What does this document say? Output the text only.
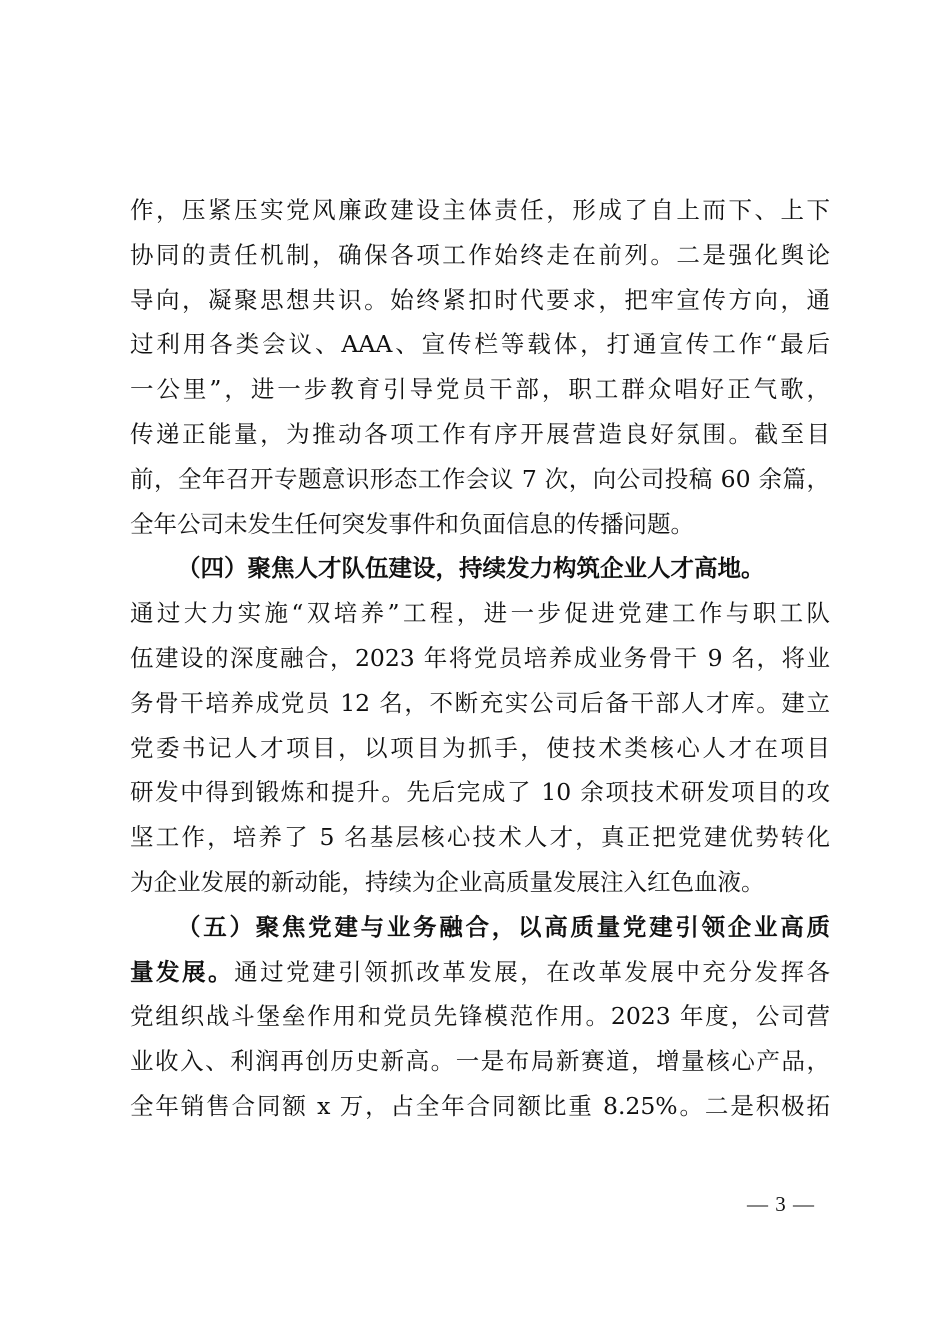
作，压紧压实党风廉政建设主体责任，形成了自上而下、上下
协同的责任机制，确保各项工作始终走在前列。二是强化舆论
导向，凝聚思想共识。始终紧扣时代要求，把牢宣传方向，通
过利用各类会议、AAA、宣传栏等载体，打通宣传工作“最后
一公里”，进一步教育引导党员干部，职工群众唱好正气歌，
传递正能量，为推动各项工作有序开展营造良好氛围。截至目
前，全年召开专题意识形态工作会议 7 次，向公司投稿 60 余篇，
全年公司未发生任何突发事件和负面信息的传播问题。
（四）聚焦人才队伍建设，持续发力构筑企业人才高地。
通过大力实施“双培养”工程，进一步促进党建工作与职工队
伍建设的深度融合，2023 年将党员培养成业务骨干 9 名，将业
务骨干培养成党员 12 名，不断充实公司后备干部人才库。建立
党委书记人才项目，以项目为抓手，使技术类核心人才在项目
研发中得到锻炼和提升。先后完成了 10 余项技术研发项目的攻
坚工作，培养了 5 名基层核心技术人才，真正把党建优势转化
为企业发展的新动能，持续为企业高质量发展注入红色血液。
（五）聚焦党建与业务融合，以高质量党建引领企业高质
量发展。通过党建引领抓改革发展，在改革发展中充分发挥各
党组织战斗堡垒作用和党员先锋模范作用。2023 年度，公司营
业收入、利润再创历史新高。一是布局新赛道，增量核心产品，
全年销售合同额 x 万，占全年合同额比重 8.25%。二是积极拓
— 3 —
